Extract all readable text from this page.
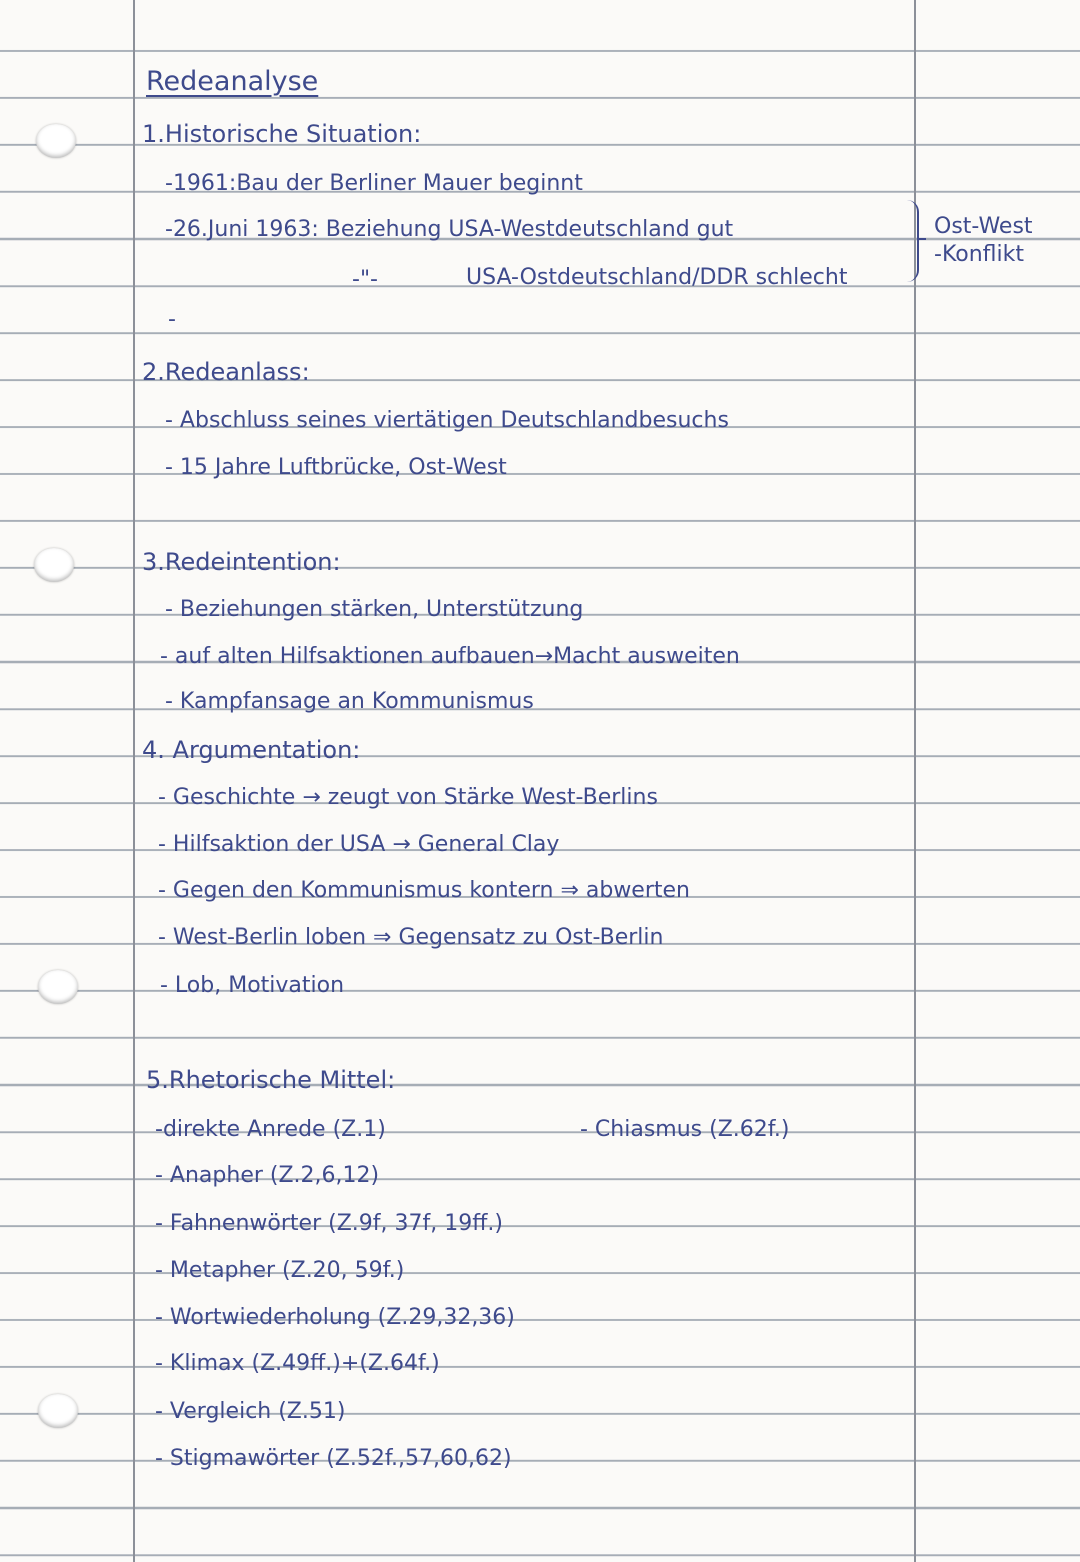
Redeanalyse

1.Historische Situation:

-1961:Bau der Berliner Mauer beginnt

-26.Juni 1963: Beziehung USA-Westdeutschland gut

-"-	USA-Ostdeutschland/DDR schlecht

-

Ost-West

-Konflikt

2.Redeanlass:

- Abschluss seines viertätigen Deutschlandbesuchs

- 15 Jahre Luftbrücke, Ost-West

3.Redeintention:

- Beziehungen stärken, Unterstützung

- auf alten Hilfsaktionen aufbauen→Macht ausweiten

- Kampfansage an Kommunismus

4. Argumentation:

- Geschichte → zeugt von Stärke West-Berlins

- Hilfsaktion der USA → General Clay

- Gegen den Kommunismus kontern ⇒ abwerten

- West-Berlin loben ⇒ Gegensatz zu Ost-Berlin

- Lob, Motivation

5.Rhetorische Mittel:

-direkte Anrede (Z.1)	- Chiasmus (Z.62f.)

- Anapher (Z.2,6,12)

- Fahnenwörter (Z.9f, 37f, 19ff.)

- Metapher (Z.20, 59f.)

- Wortwiederholung (Z.29,32,36)

- Klimax (Z.49ff.)+(Z.64f.)

- Vergleich (Z.51)

- Stigmawörter (Z.52f.,57,60,62)
